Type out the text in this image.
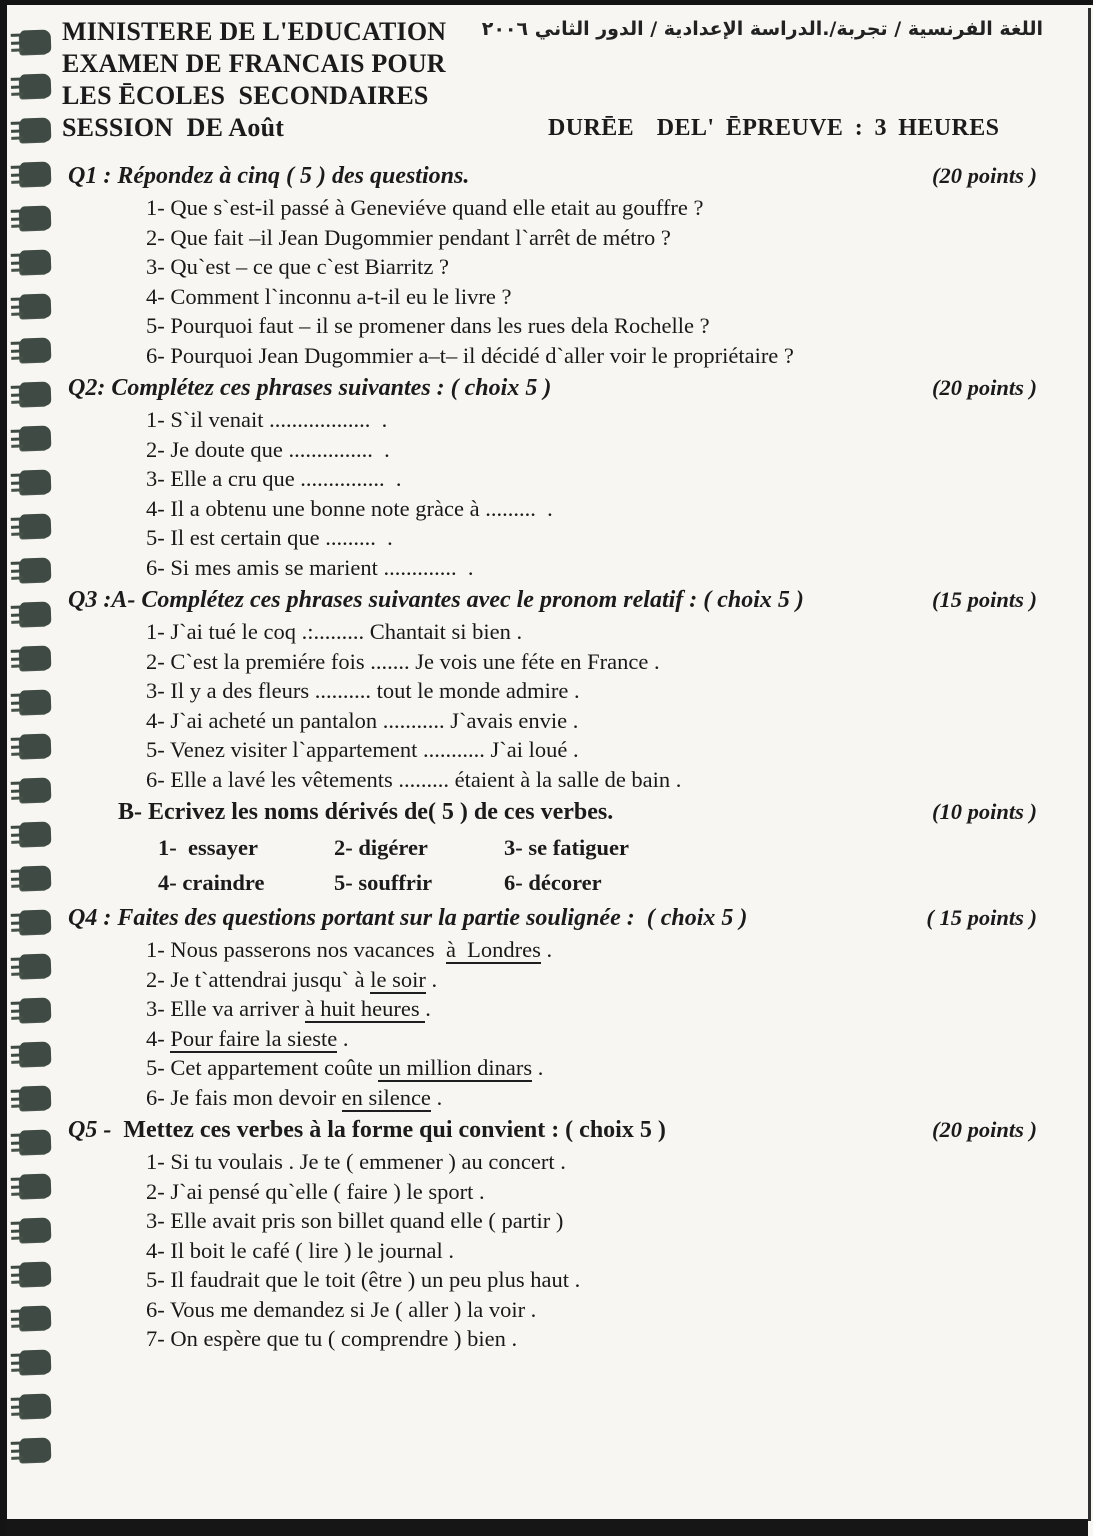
MINISTERE DE L'EDUCATION
EXAMEN DE FRANCAIS POUR
LES ĒCOLES  SECONDAIRES
SESSION  DE Août
اللغة الفرنسية / تجربة/.الدراسة الإعدادية / الدور الثاني ٢٠٠٦
DURĒE  DEL' ĒPREUVE : 3 HEURES
Q1 : Répondez à cinq ( 5 ) des questions.	(20 points )
1- Que s`est-il passé à Geneviéve quand elle etait au gouffre ?
2- Que fait –il Jean Dugommier pendant l`arrêt de métro ?
3- Qu`est – ce que c`est Biarritz ?
4- Comment l`inconnu a-t-il eu le livre ?
5- Pourquoi faut – il se promener dans les rues dela Rochelle ?
6- Pourquoi Jean Dugommier a–t– il décidé d`aller voir le propriétaire ?
Q2: Complétez ces phrases suivantes : ( choix 5 )	(20 points )
1- S`il venait ..................  .
2- Je doute que ...............  .
3- Elle a cru que ...............  .
4- Il a obtenu une bonne note gràce à .........  .
5- Il est certain que .........  .
6- Si mes amis se marient .............  .
Q3 :A- Complétez ces phrases suivantes avec le pronom relatif : ( choix 5 )	(15 points )
1- J`ai tué le coq .:......... Chantait si bien .
2- C`est la premiére fois ....... Je vois une féte en France .
3- Il y a des fleurs .......... tout le monde admire .
4- J`ai acheté un pantalon ........... J`avais envie .
5- Venez visiter l`appartement ........... J`ai loué .
6- Elle a lavé les vêtements ......... étaient à la salle de bain .
B- Ecrivez les noms dérivés de( 5 ) de ces verbes.	(10 points )
1-  essayer	2- digérer	3- se fatiguer
4- craindre	5- souffrir	6- décorer
Q4 : Faites des questions portant sur la partie soulignée :  ( choix 5 )	( 15 points )
1- Nous passerons nos vacances  à  Londres .
2- Je t`attendrai jusqu` à le soir .
3- Elle va arriver à huit heures .
4- Pour faire la sieste .
5- Cet appartement coûte un million dinars .
6- Je fais mon devoir en silence .
Q5 -  Mettez ces verbes à la forme qui convient : ( choix 5 )	(20 points )
1- Si tu voulais . Je te ( emmener ) au concert .
2- J`ai pensé qu`elle ( faire ) le sport .
3- Elle avait pris son billet quand elle ( partir )
4- Il boit le café ( lire ) le journal .
5- Il faudrait que le toit (être ) un peu plus haut .
6- Vous me demandez si Je ( aller ) la voir .
7- On espère que tu ( comprendre ) bien .
